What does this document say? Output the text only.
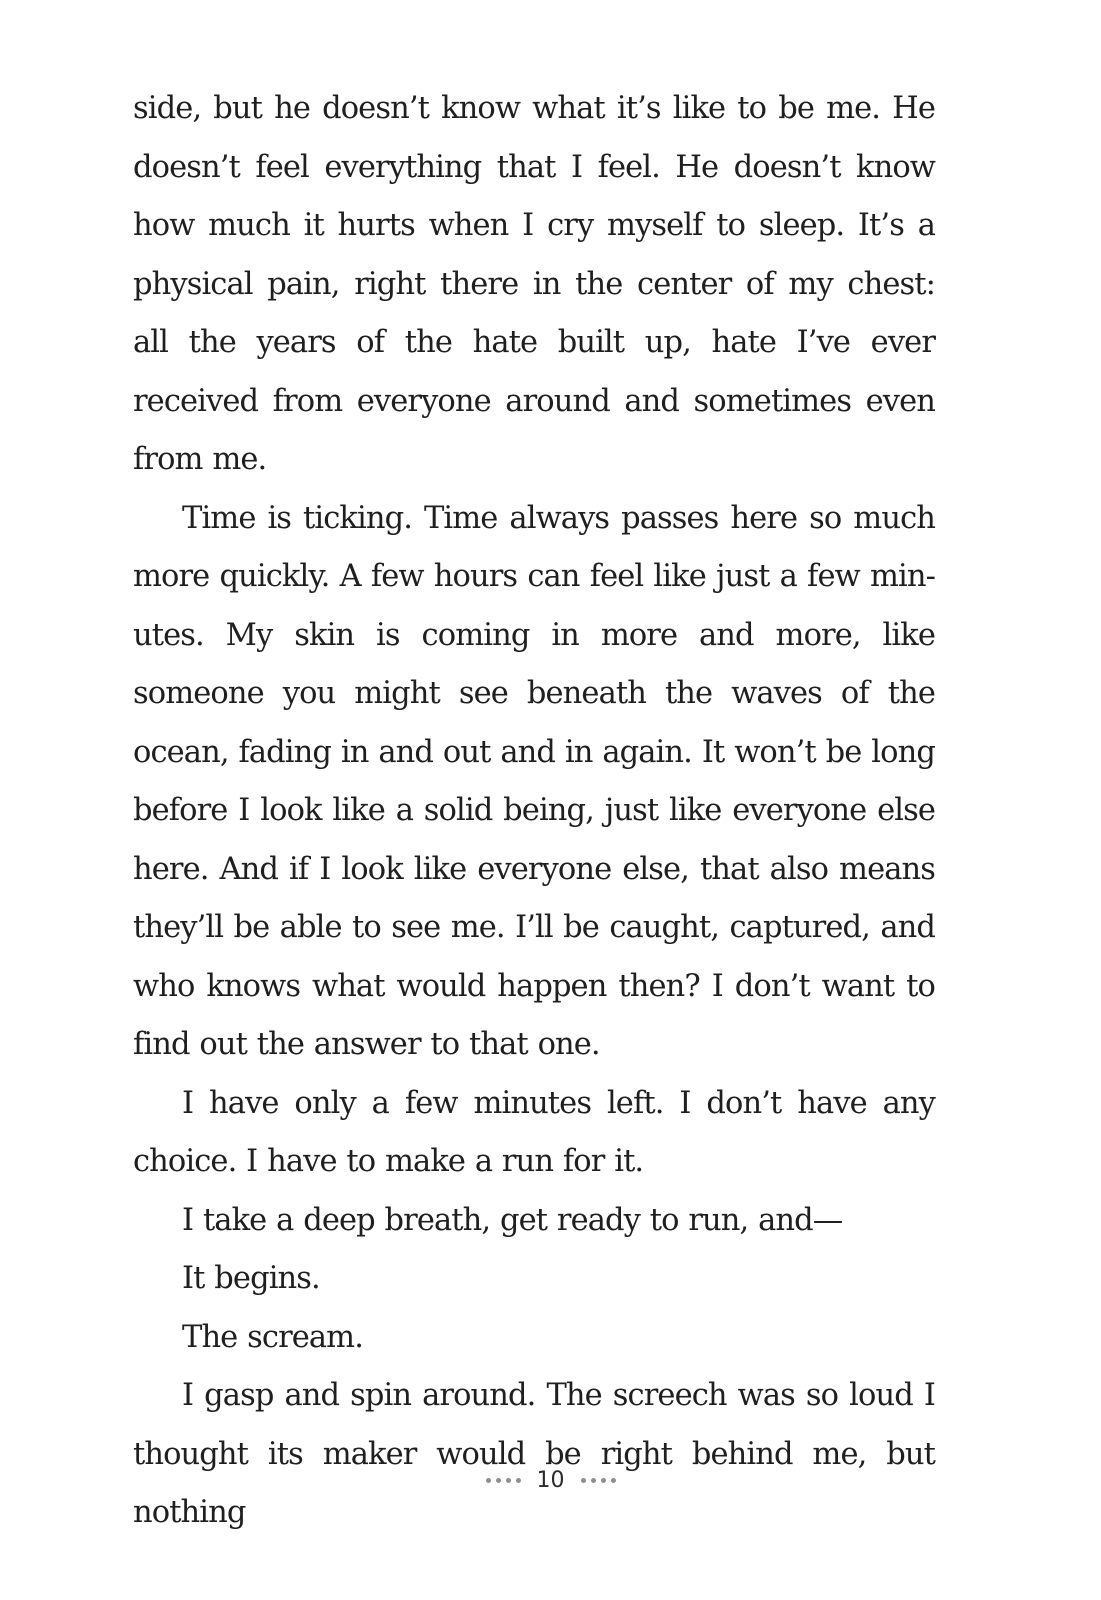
side, but he doesn’t know what it’s like to be me. He doesn’t feel everything that I feel. He doesn’t know how much it hurts when I cry myself to sleep. It’s a physical pain, right there in the center of my chest: all the years of the hate built up, hate I’ve ever received from everyone around and sometimes even from me.

Time is ticking. Time always passes here so much more quickly. A few hours can feel like just a few min-utes. My skin is coming in more and more, like someone you might see beneath the waves of the ocean, fading in and out and in again. It won’t be long before I look like a solid being, just like everyone else here. And if I look like everyone else, that also means they’ll be able to see me. I’ll be caught, captured, and who knows what would happen then? I don’t want to find out the answer to that one.

I have only a few minutes left. I don’t have any choice. I have to make a run for it.

I take a deep breath, get ready to run, and—

It begins.

The scream.

I gasp and spin around. The screech was so loud I thought its maker would be right behind me, but nothing

10
